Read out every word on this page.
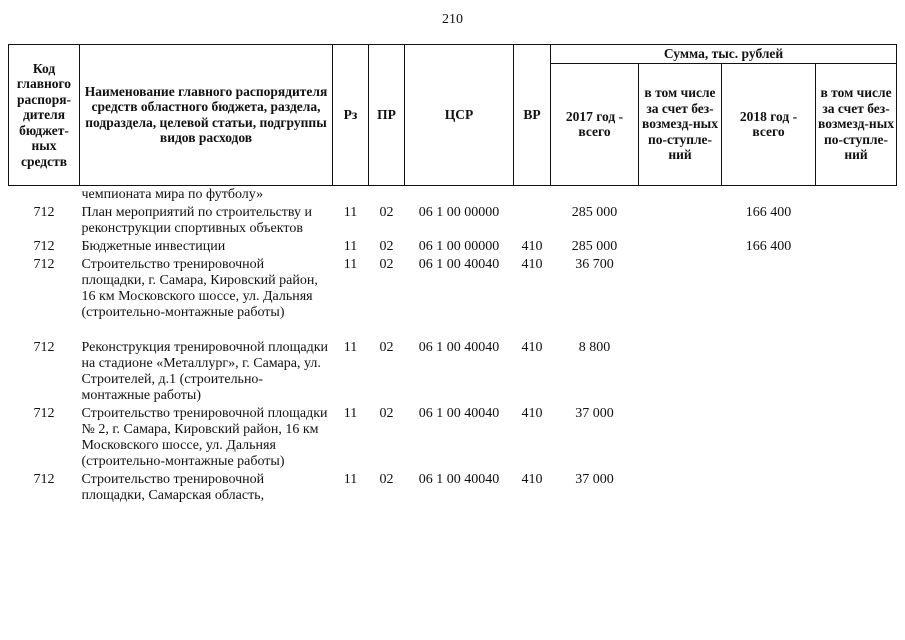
210
Код главного распоря-дителя бюджет-ных средств	Наименование главного распорядителя средств областного бюджета, раздела, подраздела, целевой статьи, подгруппы видов расходов	Рз	ПР	ЦСР	ВР	Сумма, тыс. рублей			
						2017 год - всего	в том числе за счет без-возмезд-ных по-ступле-ний	2018 год - всего	в том числе за счет без-возмезд-ных по-ступле-ний
	чемпионата мира по футболу»								
712	План мероприятий по строительству и реконструкции спортивных объектов	11	02	06 1 00 00000		285 000		166 400	
712	Бюджетные инвестиции	11	02	06 1 00 00000	410	285 000		166 400	
712	Строительство тренировочной площадки, г. Самара, Кировский район, 16 км Московского шоссе, ул. Дальняя (строительно-монтажные работы)	11	02	06 1 00 40040	410	36 700			
712	Реконструкция тренировочной площадки на стадионе «Металлург», г. Самара, ул. Строителей, д.1 (строительно-монтажные работы)	11	02	06 1 00 40040	410	8 800			
712	Строительство тренировочной площадки № 2, г. Самара, Кировский район, 16 км Московского шоссе, ул. Дальняя (строительно-монтажные работы)	11	02	06 1 00 40040	410	37 000			
712	Строительство тренировочной площадки, Самарская область,	11	02	06 1 00 40040	410	37 000			
